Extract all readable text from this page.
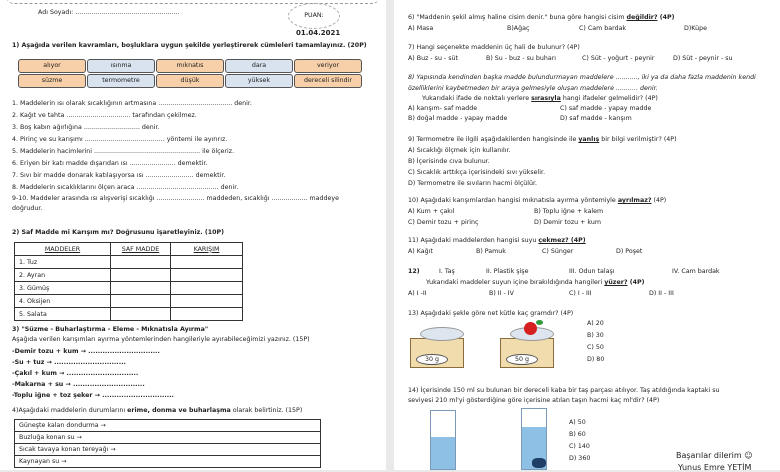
Adı Soyadı: ....................................................	PUAN:
01.04.2021
1) Aşağıda verilen kavramları, boşluklara uygun şekilde yerleştirerek cümleleri tamamlayınız. (20P)
alıyor	ısınma	mıknatıs	dara	veriyor
süzme	termometre	düşük	yüksek	dereceli silindir
2) Saf Madde mi Karışım mı? Doğrusunu işaretleyiniz. (10P)
MADDELER	SAF MADDE	KARIŞIM
1. Tuz		
2. Ayran		
3. Gümüş		
4. Oksijen		
5. Salata		
3) "Süzme - Buharlaştırma - Eleme - Mıknatısla Ayırma"
Aşağıda verilen karışımları ayırma yöntemlerinden hangileriyle ayırabileceğimizi yazınız. (15P)
4)Aşağıdaki maddelerin durumlarını erime, donma ve buharlaşma olarak belirtiniz. (15P)
Güneşte kalan dondurma →
Buzluğa konan su →
Sıcak tavaya konan tereyağı →
Kaynayan su →
1. Maddelerin ısı olarak sıcaklığının artmasına ..................................... denir.
2. Kağıt ve tahta ................................ tarafından çekilmez.
3. Boş kabın ağırlığına ............................ denir.
4. Pirinç ve su karışımı ........................................ yöntemi ile ayırırız.
5. Maddelerin hacimlerini ..................................................... ile ölçeriz.
6. Eriyen bir katı madde dışarıdan ısı ....................... demektir.
7. Sıvı bir madde donarak katılaşıyorsa ısı ........................ demektir.
8. Maddelerin sıcaklıklarını ölçen araca ......................................... denir.
9-10. Maddeler arasında ısı alışverişi sıcaklığı ........................ maddeden, sıcaklığı .................. maddeye
doğrudur.
-Demir tozu + kum → ..............................
-Su + tuz → ..............................
-Çakıl + kum → ..............................
-Makarna + su → ..............................
-Toplu iğne + toz şeker → ..............................
6) "Maddenin şekil almış haline cisim denir." buna göre hangisi cisim değildir? (4P)
7) Hangi seçenekte maddenin üç hali de bulunur? (4P)
8) Yapısında kendinden başka madde bulundurmayan maddelere ..........., iki ya da daha fazla maddenin kendi
özelliklerini kaybetmeden bir araya gelmesiyle oluşan maddelere ........... denir.
Yukarıdaki ifade de noktalı yerlere sırasıyla hangi ifadeler gelmelidir? (4P)
9) Termometre ile ilgili aşağıdakilerden hangisinde ile yanlış bir bilgi verilmiştir? (4P)
10) Aşağıdaki karışımlardan hangisi mıknatısla ayırma yöntemiyle ayrılmaz? (4P)
11) Aşağıdaki maddelerden hangisi suyu çekmez? (4P)
Yukarıdaki maddeler suyun içine bırakıldığında hangileri yüzer? (4P)
13) Aşağıdaki şekle göre net kütle kaç gramdır? (4P)
30 g	50 g
14) İçerisinde 150 ml su bulunan bir dereceli kaba bir taş parçası atılıyor. Taş atıldığında kaptaki su
seviyesi 210 ml'yi gösterdiğine göre içerisine atılan taşın hacmi kaç ml'dir? (4P)
Başarılar dilerim ☺
Yunus Emre YETİM
A) Masa	B)Ağaç	C) Cam bardak	D)Küpe
A) Buz - su - süt	B) Su - buz - su buharı	C) Süt - yoğurt - peynir	D) Süt - peynir - su
A) karışım- saf madde	C) saf madde - yapay madde
B) doğal madde - yapay madde	D) saf madde - karışım
A) Sıcaklığı ölçmek için kullanılır.
B) İçerisinde cıva bulunur.
C) Sıcaklık arttıkça içerisindeki sıvı yükselir.
D) Termometre ile sıvıların hacmi ölçülür.
A) Kum + çakıl	B) Toplu iğne + kalem
C) Demir tozu + pirinç	D) Demir tozu + kum
A) Kağıt	B) Pamuk	C) Sünger	D) Poşet
12)	I. Taş	II. Plastik şişe	III. Odun talaşı	IV. Cam bardak
A) I -II	B) II - IV	C) I - III	D) II - III
A) 20
B) 30
C) 50
D) 80
A) 50
B) 60
C) 140
D) 360
